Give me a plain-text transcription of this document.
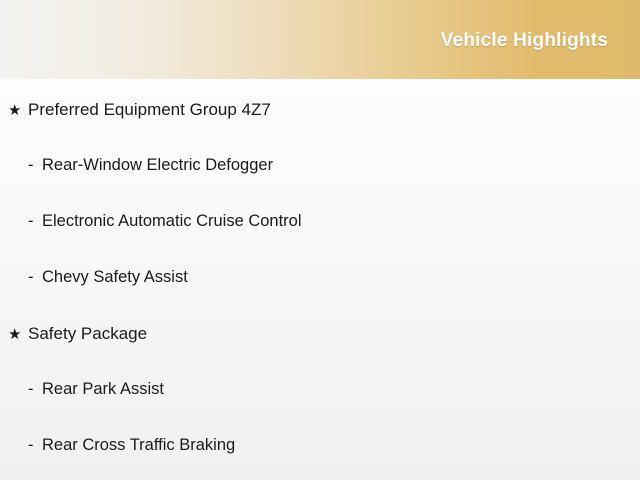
Vehicle Highlights
★ Preferred Equipment Group 4Z7
- Rear-Window Electric Defogger
- Electronic Automatic Cruise Control
- Chevy Safety Assist
★ Safety Package
- Rear Park Assist
- Rear Cross Traffic Braking
